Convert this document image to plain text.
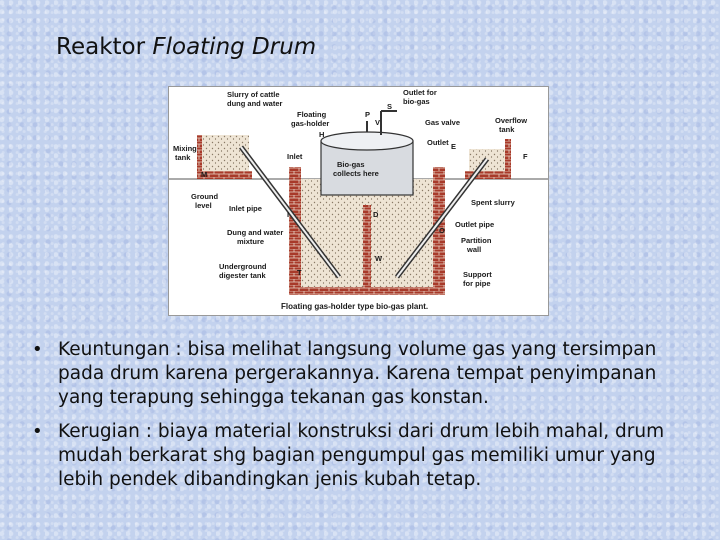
Reaktor Floating Drum
Slurry of cattle
dung and water
Floating
gas-holder
Outlet for
bio-gas
Overflow
tank
Mixing
tank	Inlet
Gas valve
Outlet
Bio-gas
collects here
Ground
level Inlet pipe
Spent slurry
Outlet pipe
Dung and water
mixture	Partition
wall
Underground
digester tank	Support
for pipe
Floating gas-holder type bio-gas plant.
P
S
V
H
E
F
M
I
O
W
T
D
• Keuntungan : bisa melihat langsung volume gas yang tersimpan pada drum karena pergerakannya. Karena tempat penyimpanan yang terapung sehingga tekanan gas konstan.
• Kerugian : biaya material konstruksi dari drum lebih mahal, drum mudah berkarat shg bagian pengumpul gas memiliki umur yang lebih pendek dibandingkan jenis kubah tetap.
